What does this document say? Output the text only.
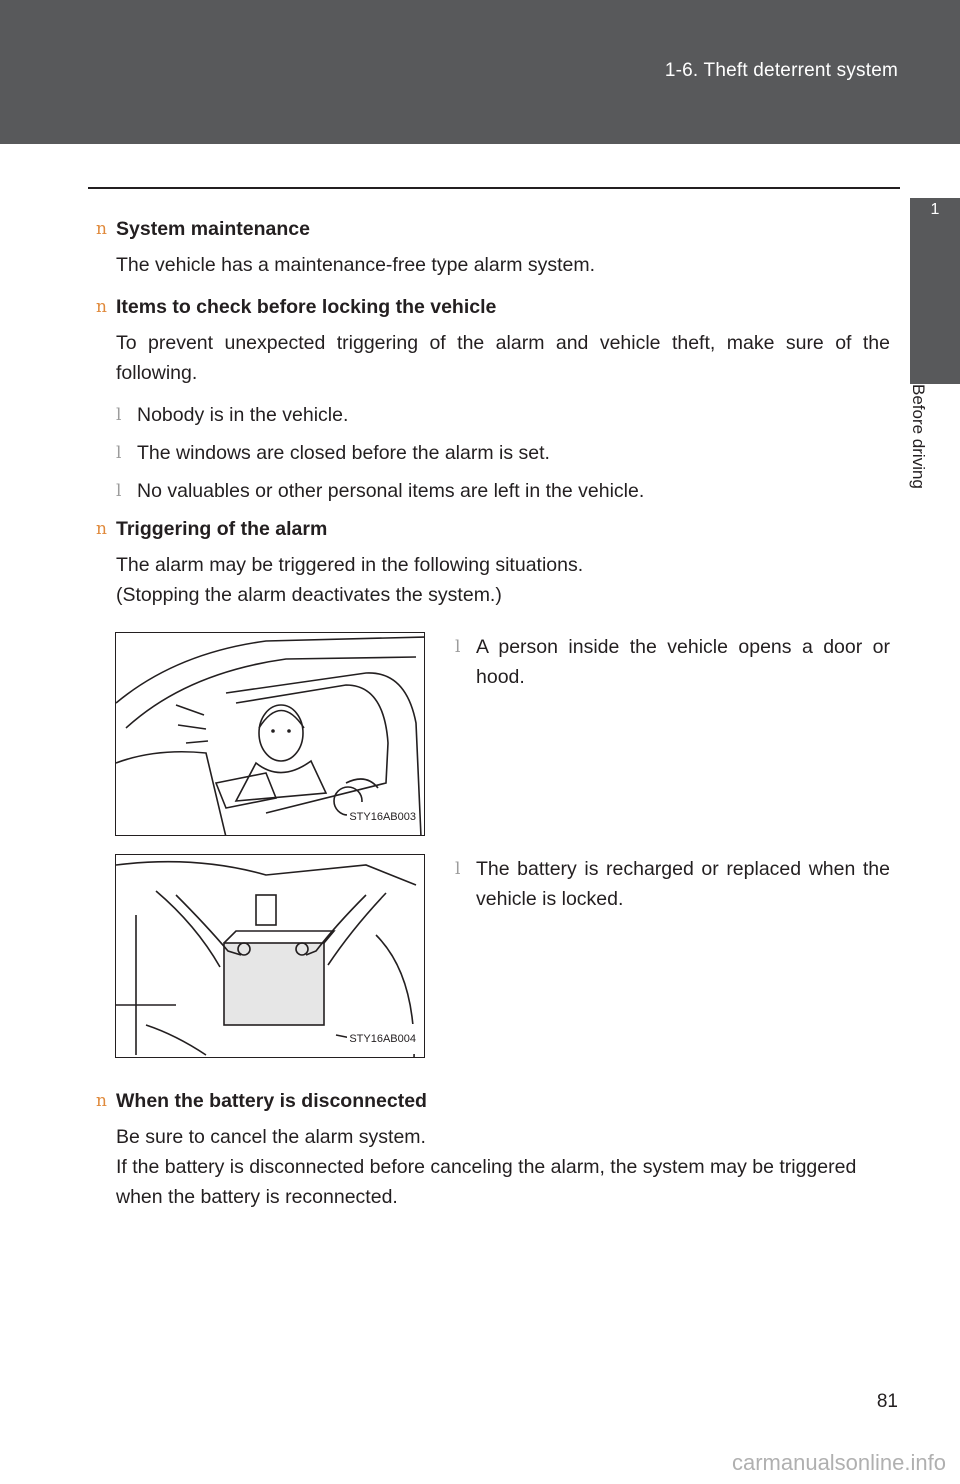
1-6. Theft deterrent system
1
Before driving
n System maintenance
The vehicle has a maintenance-free type alarm system.
n Items to check before locking the vehicle
To prevent unexpected triggering of the alarm and vehicle theft, make sure of the following.
l Nobody is in the vehicle.
l The windows are closed before the alarm is set.
l No valuables or other personal items are left in the vehicle.
n Triggering of the alarm
The alarm may be triggered in the following situations.
(Stopping the alarm deactivates the system.)
STY16AB003
l A person inside the vehicle opens a door or hood.
STY16AB004
l The battery is recharged or replaced when the vehicle is locked.
n When the battery is disconnected
Be sure to cancel the alarm system.
If the battery is disconnected before canceling the alarm, the system may be triggered when the battery is reconnected.
81
carmanualsonline.info
